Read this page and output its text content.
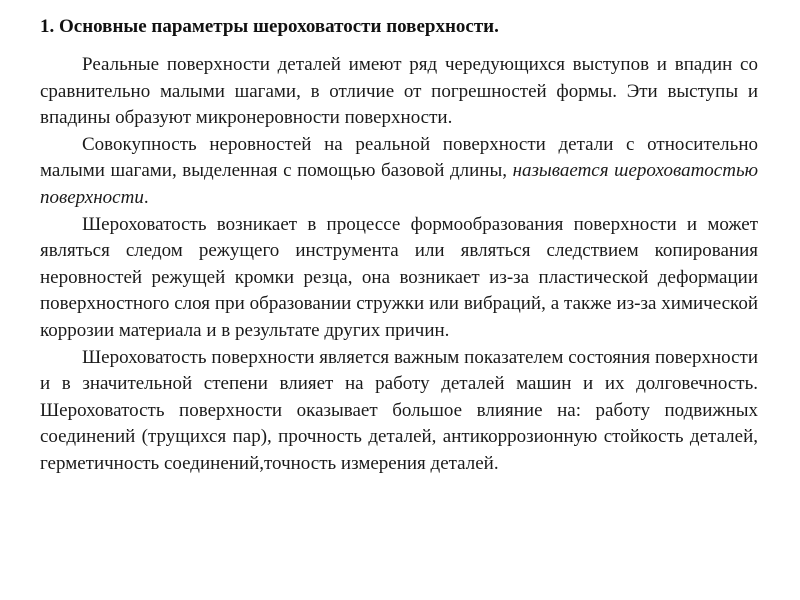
1. Основные параметры шероховатости поверхности.

Реальные поверхности деталей имеют ряд чередующихся выступов и впадин со сравнительно малыми шагами, в отличие от погрешностей формы. Эти выступы и впадины образуют микронеровности поверхности.

Совокупность неровностей на реальной поверхности детали с относительно малыми шагами, выделенная с помощью базовой длины, называется шероховатостью поверхности.

Шероховатость возникает в процессе формообразования поверхности и может являться следом режущего инструмента или являться следствием копирования неровностей режущей кромки резца, она возникает из-за пластической деформации поверхностного слоя при образовании стружки или вибраций, а также из-за химической коррозии материала и в результате других причин.

Шероховатость поверхности является важным показателем состояния поверхности и в значительной степени влияет на работу деталей машин и их долговечность. Шероховатость поверхности оказывает большое влияние на: работу подвижных соединений (трущихся пар), прочность деталей, антикоррозионную стойкость деталей, герметичность соединений,точность измерения деталей.
